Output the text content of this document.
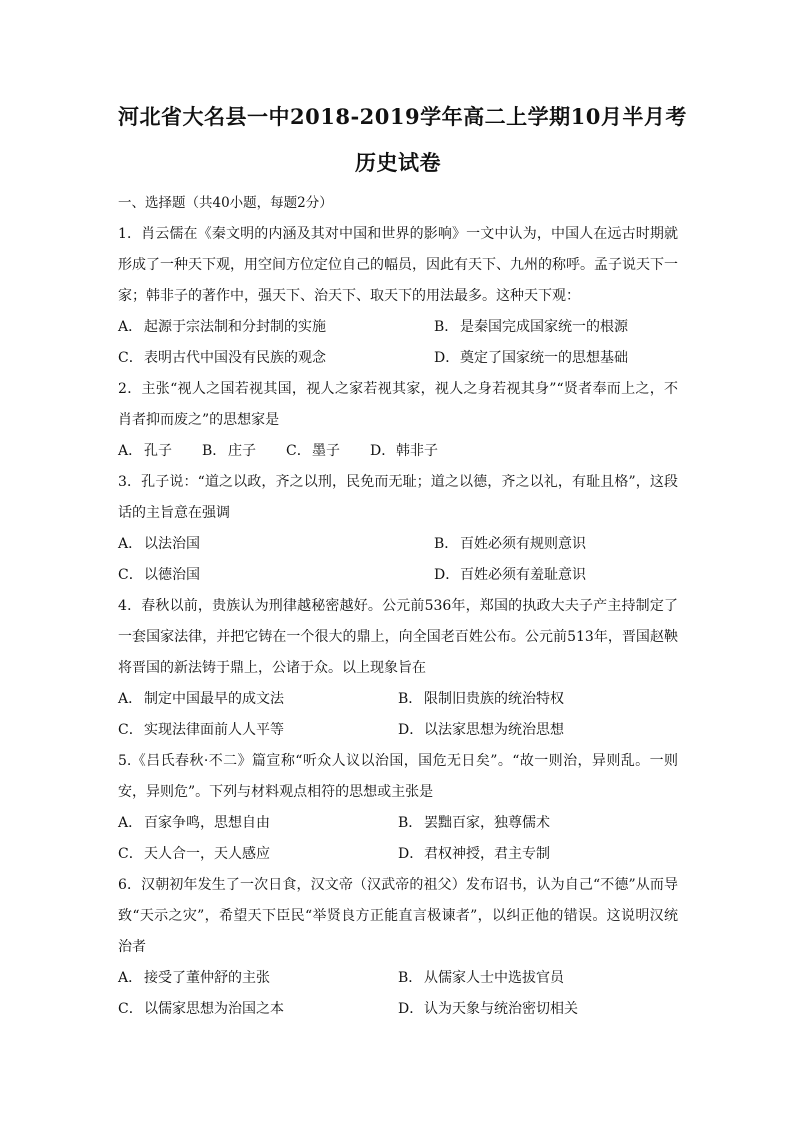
河北省大名县一中2018-2019学年高二上学期10月半月考
历史试卷
一、选择题（共40小题，每题2分）
1．肖云儒在《秦文明的内涵及其对中国和世界的影响》一文中认为，中国人在远古时期就形成了一种天下观，用空间方位定位自己的幅员，因此有天下、九州的称呼。孟子说天下一家；韩非子的著作中，强天下、治天下、取天下的用法最多。这种天下观：
A． 起源于宗法制和分封制的实施	B． 是秦国完成国家统一的根源
C．表明古代中国没有民族的观念	D．奠定了国家统一的思想基础
2．主张“视人之国若视其国，视人之家若视其家，视人之身若视其身”“贤者奉而上之，不肖者抑而废之”的思想家是
A． 孔子 B． 庄子 C．墨子 D．韩非子
3．孔子说：“道之以政，齐之以刑，民免而无耻；道之以德，齐之以礼，有耻且格”，这段话的主旨意在强调
A． 以法治国	B． 百姓必须有规则意识
C．以德治国	D．百姓必须有羞耻意识
4．春秋以前，贵族认为刑律越秘密越好。公元前536年，郑国的执政大夫子产主持制定了一套国家法律，并把它铸在一个很大的鼎上，向全国老百姓公布。公元前513年，晋国赵鞅将晋国的新法铸于鼎上，公诸于众。以上现象旨在
A． 制定中国最早的成文法	B． 限制旧贵族的统治特权
C．实现法律面前人人平等	D．以法家思想为统治思想
5.《吕氏春秋·不二》篇宣称“听众人议以治国，国危无日矣”。“故一则治，异则乱。一则安，异则危”。下列与材料观点相符的思想或主张是
A． 百家争鸣，思想自由	B． 罢黜百家，独尊儒术
C．天人合一，天人感应	D．君权神授，君主专制
6．汉朝初年发生了一次日食，汉文帝（汉武帝的祖父）发布诏书，认为自己“不德”从而导致“天示之灾”，希望天下臣民“举贤良方正能直言极谏者”，以纠正他的错误。这说明汉统治者
A． 接受了董仲舒的主张	B． 从儒家人士中选拔官员
C．以儒家思想为治国之本	D．认为天象与统治密切相关
